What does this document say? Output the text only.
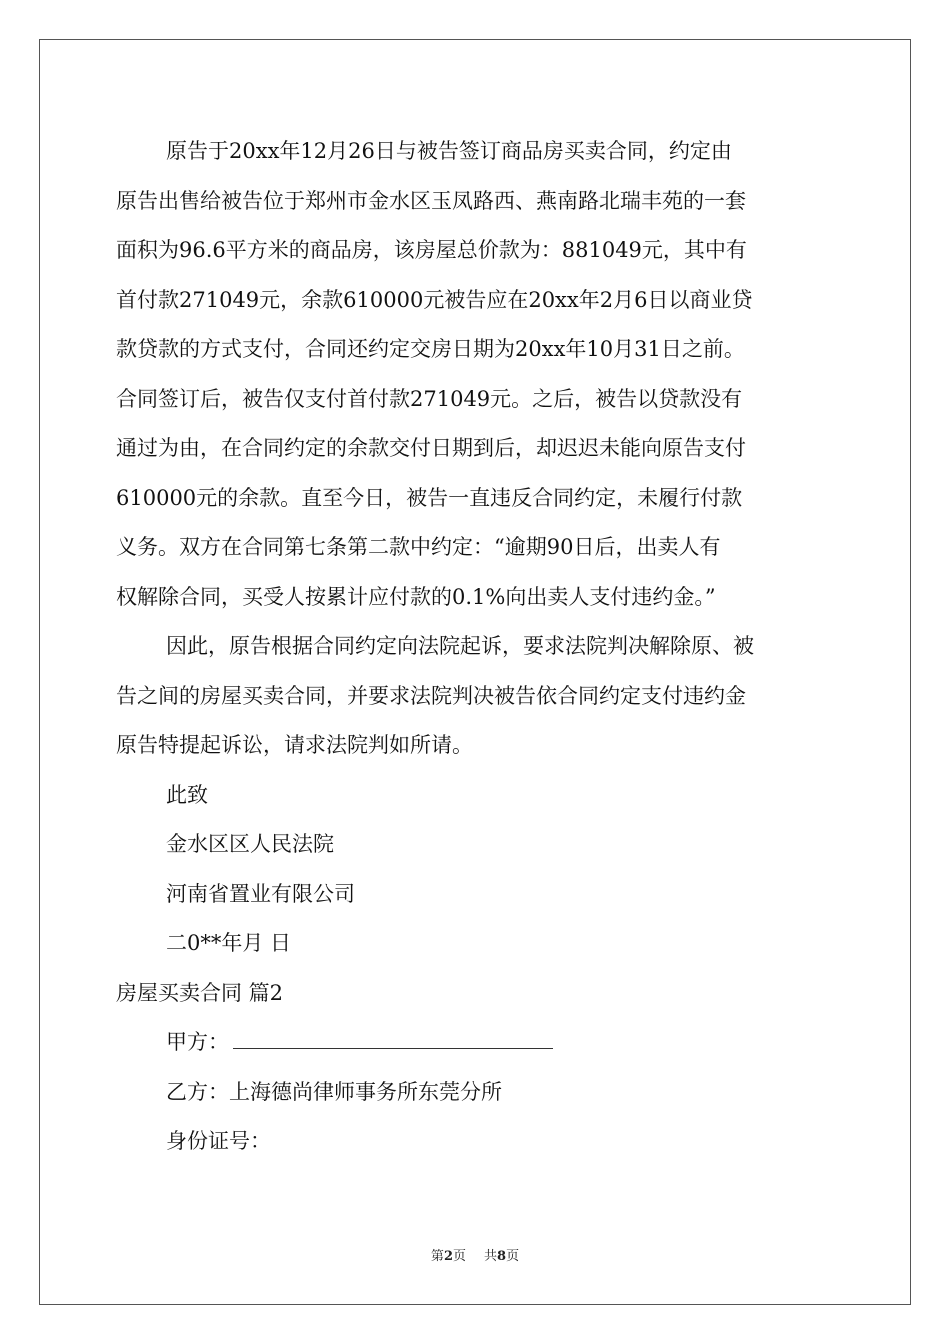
原告于20xx年12月26日与被告签订商品房买卖合同，约定由

原告出售给被告位于郑州市金水区玉凤路西、燕南路北瑞丰苑的一套

面积为96.6平方米的商品房，该房屋总价款为：881049元，其中有

首付款271049元，余款610000元被告应在20xx年2月6日以商业贷

款贷款的方式支付，合同还约定交房日期为20xx年10月31日之前。

合同签订后，被告仅支付首付款271049元。之后，被告以贷款没有

通过为由，在合同约定的余款交付日期到后，却迟迟未能向原告支付

610000元的余款。直至今日，被告一直违反合同约定，未履行付款

义务。双方在合同第七条第二款中约定：“逾期90日后，出卖人有

权解除合同，买受人按累计应付款的0.1%向出卖人支付违约金。”

因此，原告根据合同约定向法院起诉，要求法院判决解除原、被

告之间的房屋买卖合同，并要求法院判决被告依合同约定支付违约金

原告特提起诉讼，请求法院判如所请。

此致

金水区区人民法院

河南省置业有限公司

二0**年月 日

房屋买卖合同 篇2

甲方：

乙方：上海德尚律师事务所东莞分所

身份证号：

第2页 共8页
